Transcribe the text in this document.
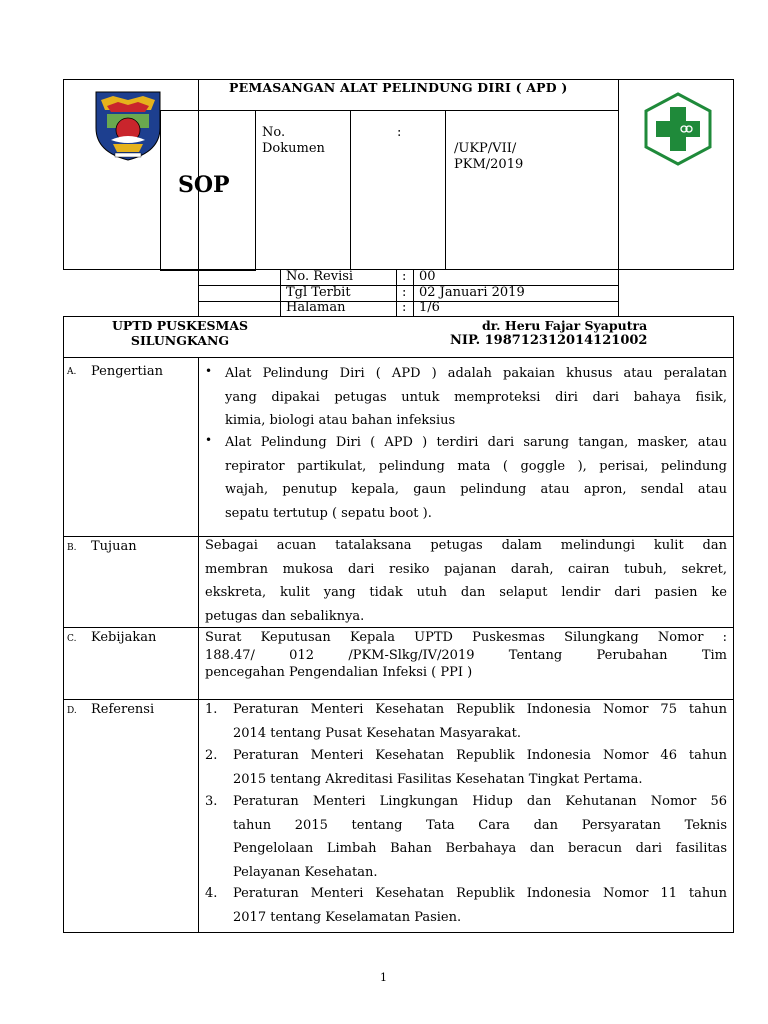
PEMASANGAN ALAT PELINDUNG DIRI ( APD )
SOP
No.
Dokumen
:
/UKP/VII/
PKM/2019
No. Revisi	: 00
Tgl Terbit	: 02 Januari 2019
Halaman	: 1/6
UPTD PUSKESMAS
SILUNGKANG
dr. Heru Fajar Syaputra
NIP. 198712312014121002
A. Pengertian	• Alat Pelindung Diri ( APD ) adalah pakaian khusus atau peralatan
yang dipakai petugas untuk memproteksi diri dari bahaya fisik,
kimia, biologi atau bahan infeksius
• Alat Pelindung Diri ( APD ) terdiri dari sarung tangan, masker, atau
repirator partikulat, pelindung mata ( goggle ), perisai, pelindung
wajah, penutup kepala, gaun pelindung atau apron, sendal atau
sepatu tertutup ( sepatu boot ).
B. Tujuan	Sebagai acuan tatalaksana petugas dalam melindungi kulit dan
membran mukosa dari resiko pajanan darah, cairan tubuh, sekret,
ekskreta, kulit yang tidak utuh dan selaput lendir dari pasien ke
petugas dan sebaliknya.
C. Kebijakan	Surat Keputusan Kepala UPTD Puskesmas Silungkang Nomor :
188.47/ 012 /PKM-Slkg/IV/2019 Tentang Perubahan Tim
pencegahan Pengendalian Infeksi ( PPI )
D. Referensi	1. Peraturan Menteri Kesehatan Republik Indonesia Nomor 75 tahun
2014 tentang Pusat Kesehatan Masyarakat.
2. Peraturan Menteri Kesehatan Republik Indonesia Nomor 46 tahun
2015 tentang Akreditasi Fasilitas Kesehatan Tingkat Pertama.
3. Peraturan Menteri Lingkungan Hidup dan Kehutanan Nomor 56
tahun 2015 tentang Tata Cara dan Persyaratan Teknis
Pengelolaan Limbah Bahan Berbahaya dan beracun dari fasilitas
Pelayanan Kesehatan.
4. Peraturan Menteri Kesehatan Republik Indonesia Nomor 11 tahun
2017 tentang Keselamatan Pasien.
1
